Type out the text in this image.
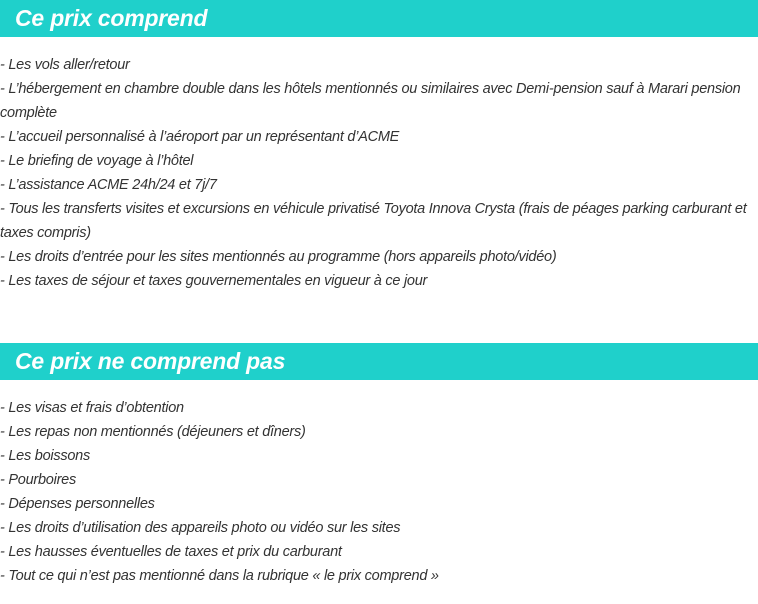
Ce prix comprend
- Les vols aller/retour
- L’hébergement en chambre double dans les hôtels mentionnés ou similaires avec Demi-pension sauf à Marari pension complète
- L’accueil personnalisé à l’aéroport par un représentant d’ACME
- Le briefing de voyage à l’hôtel
- L’assistance ACME 24h/24 et 7j/7
- Tous les transferts visites et excursions en véhicule privatisé Toyota Innova Crysta (frais de péages parking carburant et taxes compris)
- Les droits d’entrée pour les sites mentionnés au programme (hors appareils photo/vidéo)
- Les taxes de séjour et taxes gouvernementales en vigueur à ce jour
Ce prix ne comprend pas
- Les visas et frais d’obtention
- Les repas non mentionnés (déjeuners et dîners)
- Les boissons
- Pourboires
- Dépenses personnelles
- Les droits d’utilisation des appareils photo ou vidéo sur les sites
- Les hausses éventuelles de taxes et prix du carburant
- Tout ce qui n’est pas mentionné dans la rubrique « le prix comprend »
